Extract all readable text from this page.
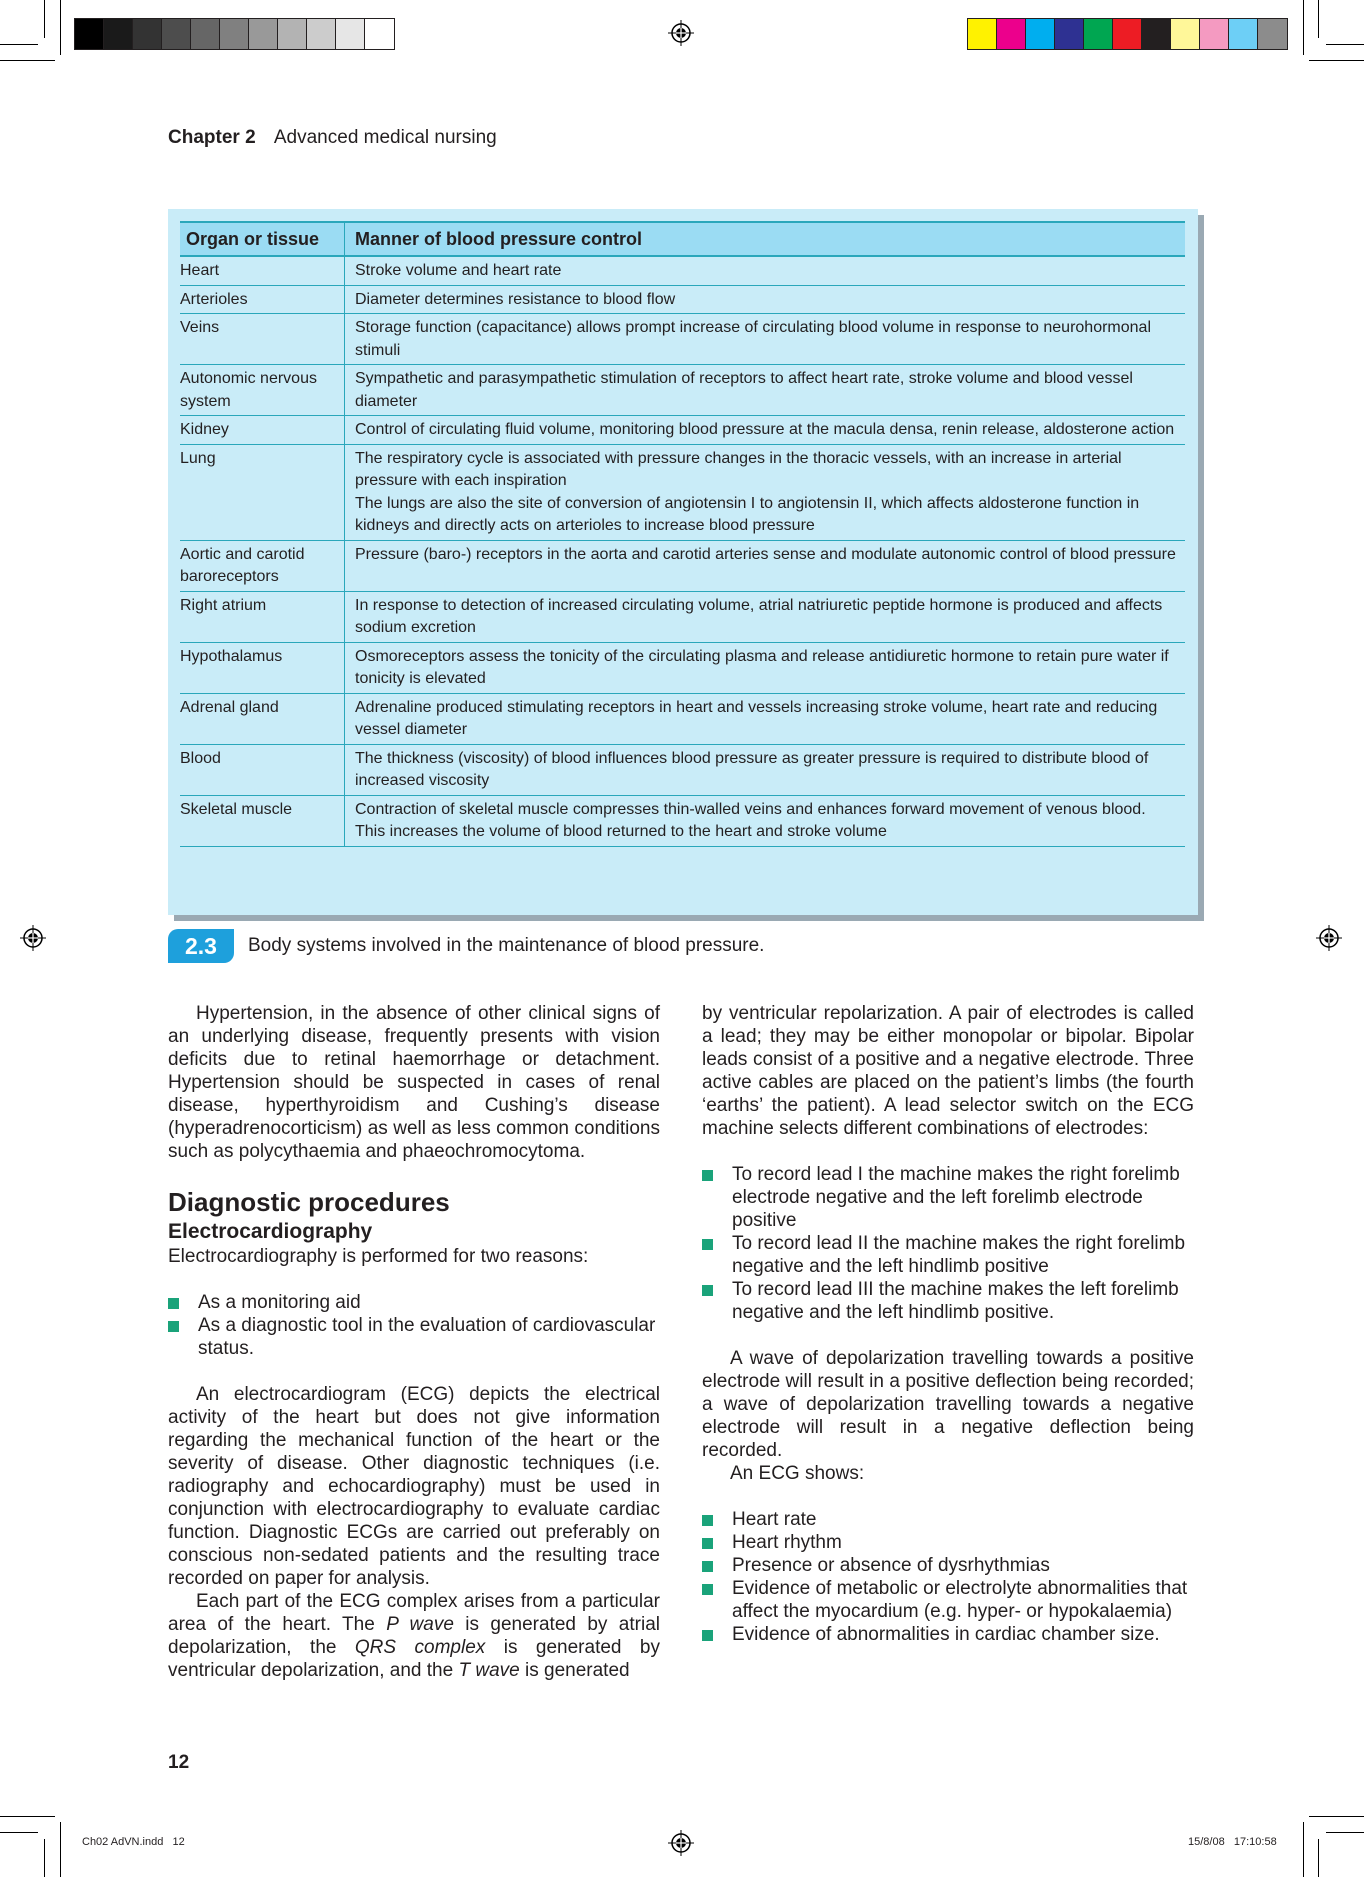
Chapter 2 Advanced medical nursing
Organ or tissue	Manner of blood pressure control
Heart	Stroke volume and heart rate
Arterioles	Diameter determines resistance to blood flow
Veins	Storage function (capacitance) allows prompt increase of circulating blood volume in response to neurohormonal stimuli
Autonomic nervous system	Sympathetic and parasympathetic stimulation of receptors to affect heart rate, stroke volume and blood vessel diameter
Kidney	Control of circulating fluid volume, monitoring blood pressure at the macula densa, renin release, aldosterone action
Lung	The respiratory cycle is associated with pressure changes in the thoracic vessels, with an increase in arterial pressure with each inspiration
The lungs are also the site of conversion of angiotensin I to angiotensin II, which affects aldosterone function in kidneys and directly acts on arterioles to increase blood pressure

Aortic and carotid baroreceptors	Pressure (baro-) receptors in the aorta and carotid arteries sense and modulate autonomic control of blood pressure
Right atrium	In response to detection of increased circulating volume, atrial natriuretic peptide hormone is produced and affects sodium excretion
Hypothalamus	Osmoreceptors assess the tonicity of the circulating plasma and release antidiuretic hormone to retain pure water if tonicity is elevated
Adrenal gland	Adrenaline produced stimulating receptors in heart and vessels increasing stroke volume, heart rate and reducing vessel diameter
Blood	The thickness (viscosity) of blood influences blood pressure as greater pressure is required to distribute blood of increased viscosity
Skeletal muscle	Contraction of skeletal muscle compresses thin-walled veins and enhances forward movement of venous blood. This increases the volume of blood returned to the heart and stroke volume
2.3	Body systems involved in the maintenance of blood pressure.

Hypertension, in the absence of other clinical signs of an underlying disease, frequently presents with vision deficits due to retinal haemorrhage or detachment. Hypertension should be suspected in cases of renal disease, hyperthyroidism and Cushing’s disease (hyperadrenocorticism) as well as less common conditions such as polycythaemia and phaeochromocytoma.

Diagnostic procedures
Electrocardiography

Electrocardiography is performed for two reasons:

As a monitoring aid
As a diagnostic tool in the evaluation of cardiovascular status.

An electrocardiogram (ECG) depicts the electrical activity of the heart but does not give information regarding the mechanical function of the heart or the severity of disease. Other diagnostic techniques (i.e. radiography and echocardiography) must be used in conjunction with electrocardiography to evaluate cardiac function. Diagnostic ECGs are carried out preferably on conscious non-sedated patients and the resulting trace recorded on paper for analysis.

Each part of the ECG complex arises from a particular area of the heart. The P wave is generated by atrial depolarization, the QRS complex is generated by ventricular depolarization, and the T wave is generated

by ventricular repolarization. A pair of electrodes is called a lead; they may be either monopolar or bipolar. Bipolar leads consist of a positive and a negative electrode. Three active cables are placed on the patient’s limbs (the fourth ‘earths’ the patient). A lead selector switch on the ECG machine selects different combinations of electrodes:

To record lead I the machine makes the right forelimb electrode negative and the left forelimb electrode positive
To record lead II the machine makes the right forelimb negative and the left hindlimb positive
To record lead III the machine makes the left forelimb negative and the left hindlimb positive.

A wave of depolarization travelling towards a positive electrode will result in a positive deflection being recorded; a wave of depolarization travelling towards a negative electrode will result in a negative deflection being recorded.

An ECG shows:

Heart rate
Heart rhythm
Presence or absence of dysrhythmias
Evidence of metabolic or electrolyte abnormalities that affect the myocardium (e.g. hyper- or hypokalaemia)
Evidence of abnormalities in cardiac chamber size.
12
Ch02 AdVN.indd   12	15/8/08   17:10:58
